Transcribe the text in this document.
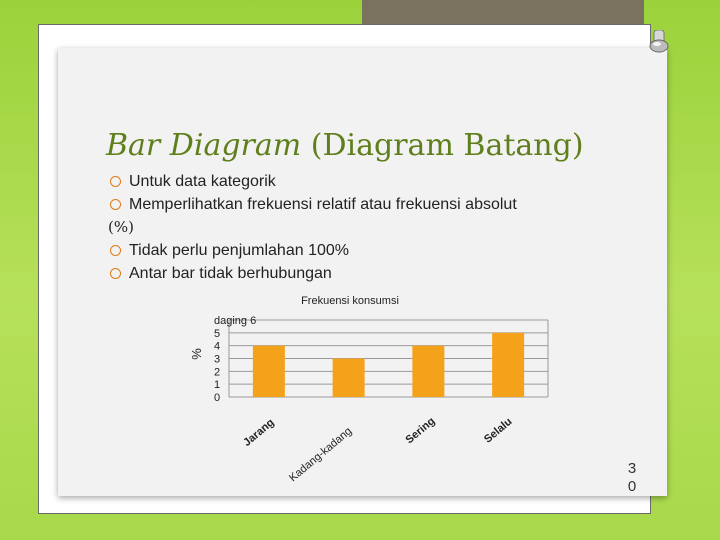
Bar Diagram (Diagram Batang)
Untuk data kategorik
Memperlihatkan frekuensi relatif atau frekuensi absolut
(%)
Tidak perlu penjumlahan 100%
Antar bar tidak berhubungan
Frekuensi konsumsi
%
daging 6
5
4
3
2
1
0
Jarang Kadang-kadang	Sering	Selalu
3
0
